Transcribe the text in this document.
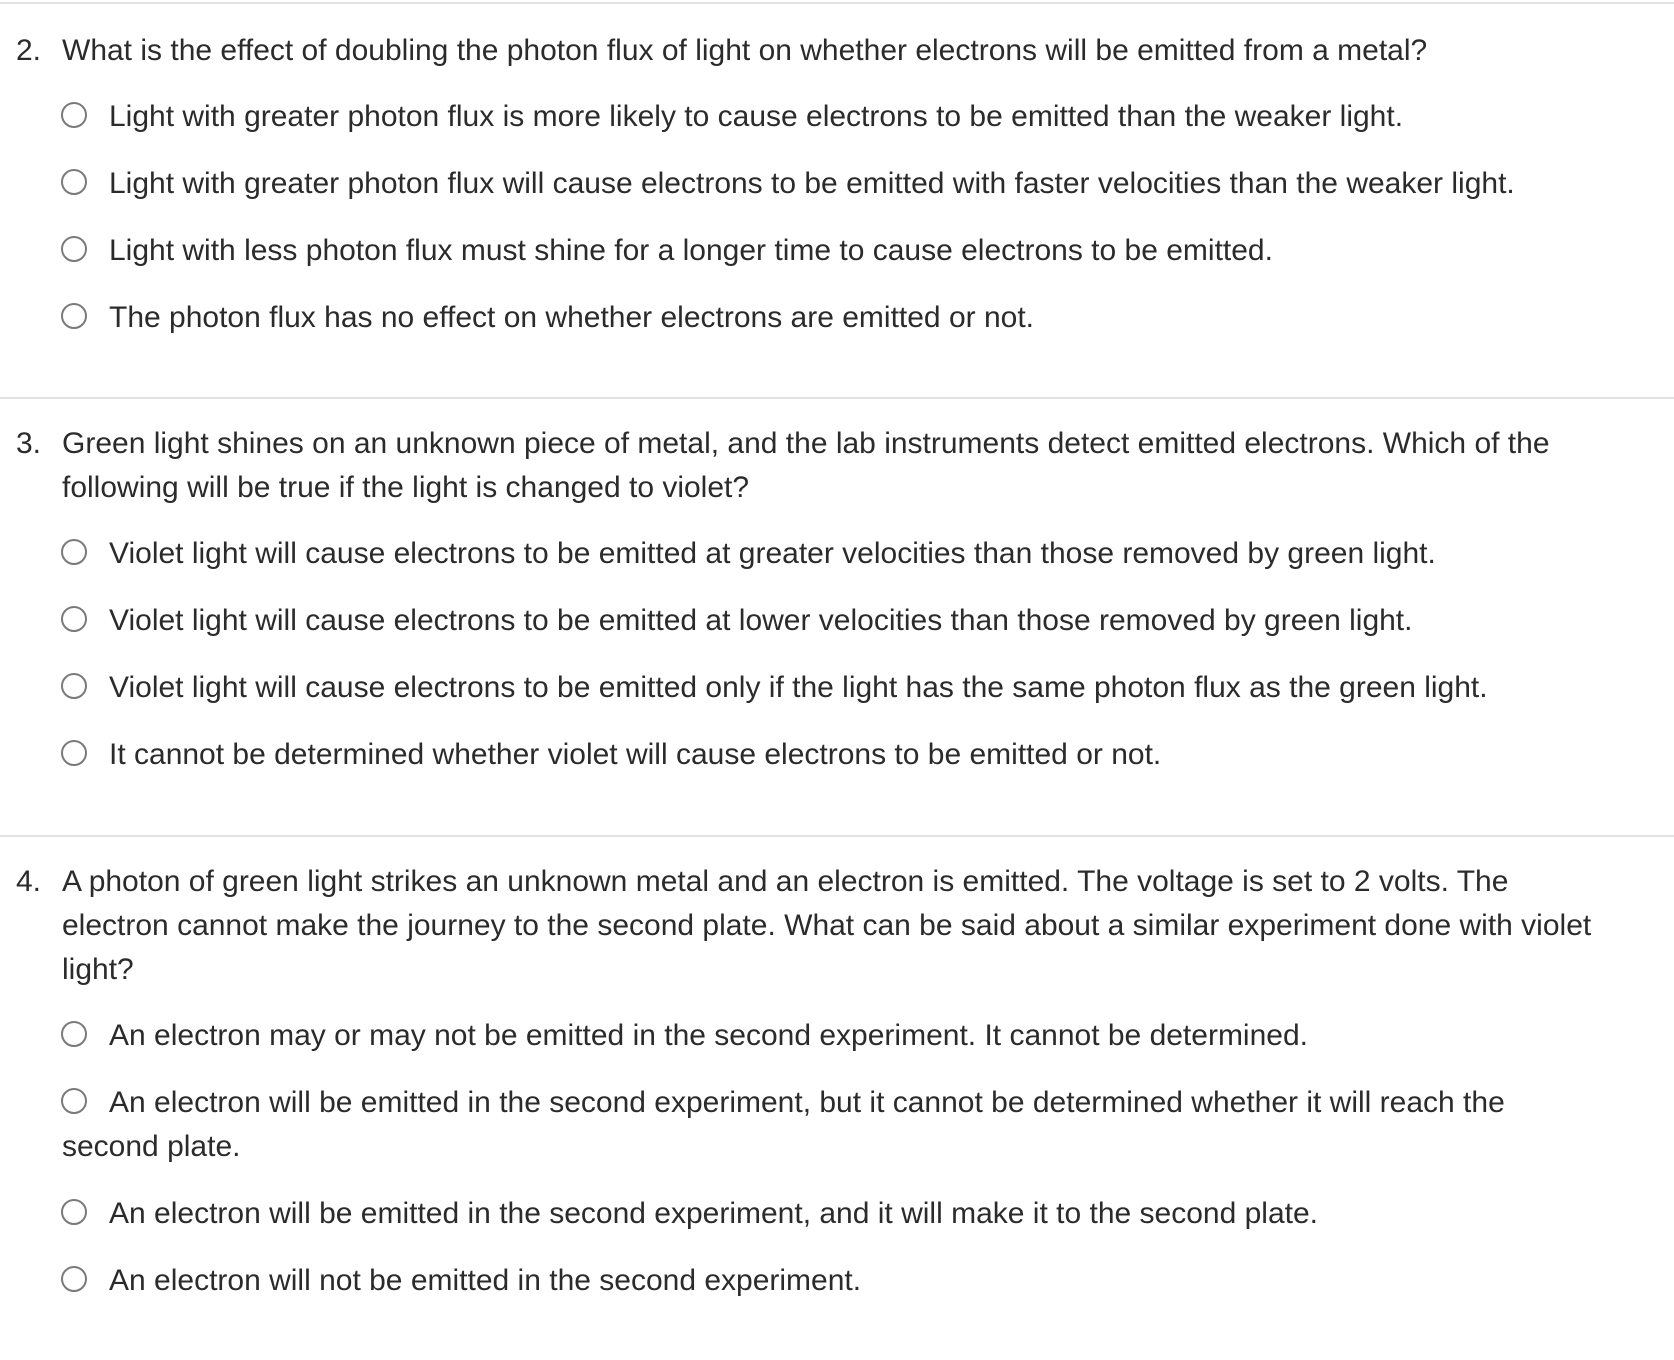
2. What is the effect of doubling the photon flux of light on whether electrons will be emitted from a metal?
Light with greater photon flux is more likely to cause electrons to be emitted than the weaker light.
Light with greater photon flux will cause electrons to be emitted with faster velocities than the weaker light.
Light with less photon flux must shine for a longer time to cause electrons to be emitted.
The photon flux has no effect on whether electrons are emitted or not.
3. Green light shines on an unknown piece of metal, and the lab instruments detect emitted electrons. Which of the following will be true if the light is changed to violet?
Violet light will cause electrons to be emitted at greater velocities than those removed by green light.
Violet light will cause electrons to be emitted at lower velocities than those removed by green light.
Violet light will cause electrons to be emitted only if the light has the same photon flux as the green light.
It cannot be determined whether violet will cause electrons to be emitted or not.
4. A photon of green light strikes an unknown metal and an electron is emitted. The voltage is set to 2 volts. The electron cannot make the journey to the second plate. What can be said about a similar experiment done with violet light?
An electron may or may not be emitted in the second experiment. It cannot be determined.
An electron will be emitted in the second experiment, but it cannot be determined whether it will reach the second plate.
An electron will be emitted in the second experiment, and it will make it to the second plate.
An electron will not be emitted in the second experiment.
